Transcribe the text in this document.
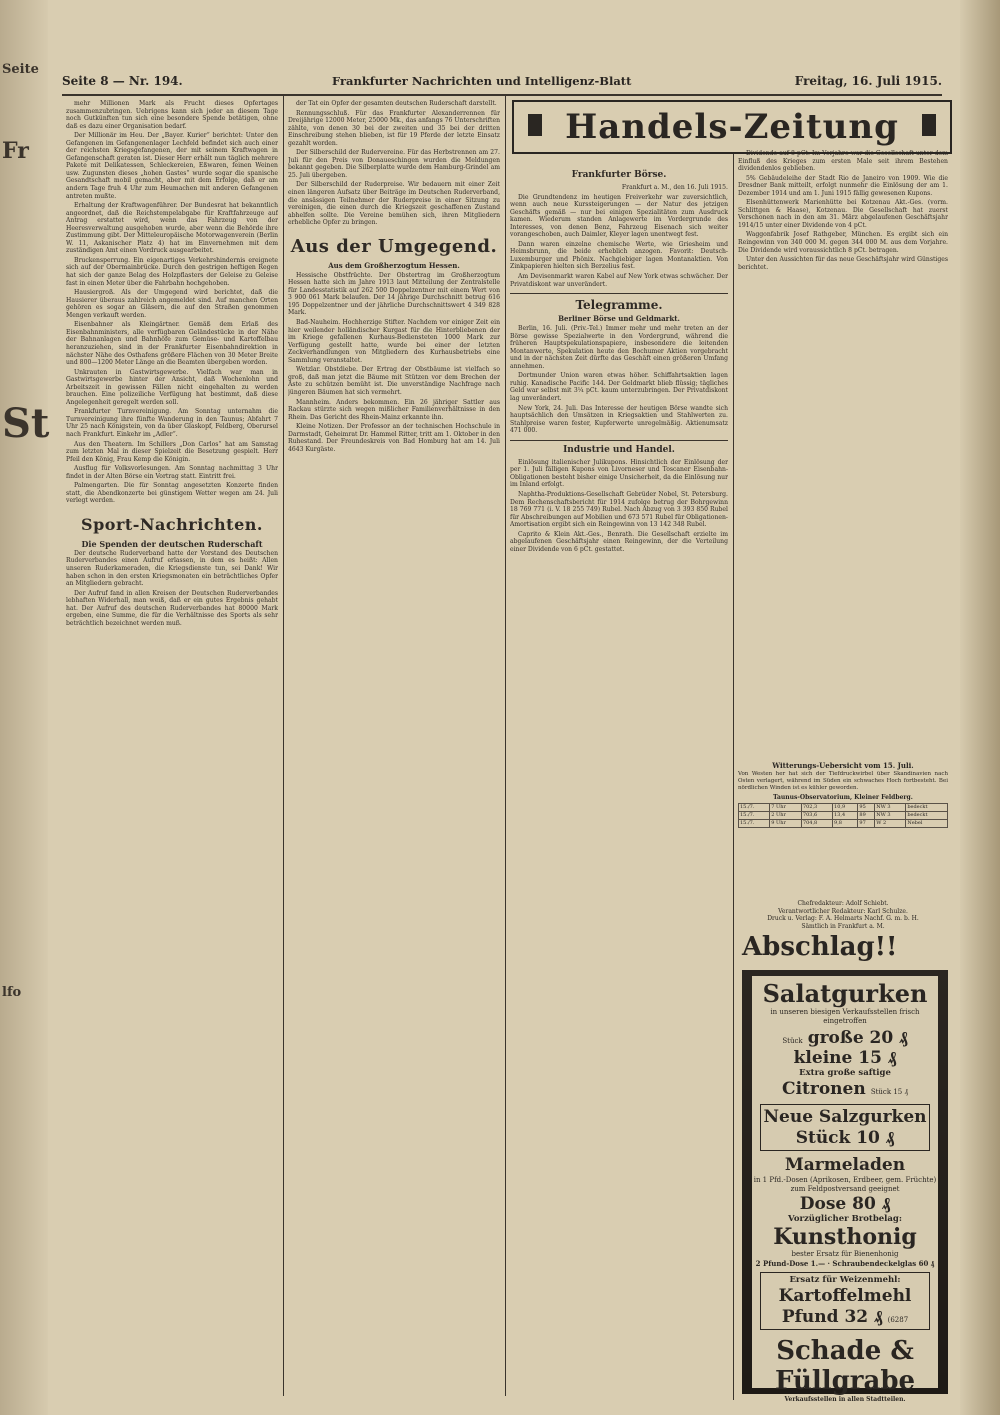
Seite
Fr
St
lfo
Seite 8 — Nr. 194.	Frankfurter Nachrichten und Intelligenz-Blatt	Freitag, 16. Juli 1915.

mehr Millionen Mark als Frucht dieses Opfertages zusammenzubringen. Uebrigens kann sich jeder an diesem Tage noch Gutkünften tun sich eine besondere Spende betätigen, ohne daß es dazu einer Organisation bedarf.

Der Millionär im Heu. Der „Bayer. Kurier“ berichtet: Unter den Gefangenen im Gefangenenlager Lechfeld befindet sich auch einer der reichsten Kriegsgefangenen, der mit seinem Kraftwagen in Gefangenschaft geraten ist. Dieser Herr erhält nun täglich mehrere Pakete mit Delikatessen, Schleckereien, Eßwaren, feinen Weinen usw. Zugunsten dieses „hohen Gastes“ wurde sogar die spanische Gesandtschaft mobil gemacht, aber mit dem Erfolge, daß er am andern Tage fruh 4 Uhr zum Heumachen mit anderen Gefangenen antreten mußte.

Erhaltung der Kraftwagenführer. Der Bundesrat hat bekanntlich angeordnet, daß die Reichstempelabgabe für Kraftfahrzeuge auf Antrag erstattet wird, wenn das Fahrzeug von der Heeresverwaltung ausgehoben wurde, aber wenn die Behörde ihre Zustimmung gibt. Der Mitteleuropäische Motorwagenverein (Berlin W. 11, Askanischer Platz 4) hat im Einvernehmen mit dem zuständigen Amt einen Vordruck ausgearbeitet.

Bruckensperrung. Ein eigenartiges Verkehrshindernis ereignete sich auf der Obermainbrücke. Durch den gestrigen heftigen Regen hat sich der ganze Belag des Holzpflasters der Geleise zu Geleise fast in einen Meter über die Fahrbahn hochgehoben.

Hausiergroß. Als der Umgegend wird berichtet, daß die Hausierer überaus zahlreich angemeldet sind. Auf manchen Orten gehören es sogar an Gläsern, die auf den Straßen genommen Mengen verkauft werden.

Eisenbahner als Kleingärtner. Gemäß dem Erlaß des Eisenbahnministers, alle verfügbaren Geländestücke in der Nähe der Bahnanlagen und Bahnhöfe zum Gemüse- und Kartoffelbau heranzuziehen, sind in der Frankfurter Eisenbahndirektion in nächster Nähe des Osthafens größere Flächen von 30 Meter Breite und 800—1200 Meter Länge an die Beamten übergeben worden.

Unkrauten in Gastwirtsgewerbe. Vielfach war man in Gastwirtsgewerbe hinter der Ansicht, daß Wochenlohn und Arbeitszeit in gewissen Fällen nicht eingehalten zu werden brauchen. Eine polizeiliche Verfügung hat bestimmt, daß diese Angelegenheit geregelt werden soll.

Frankfurter Turnvereinigung. Am Sonntag unternahm die Turnvereinigung ihre fünfte Wanderung in den Taunus; Abfahrt 7 Uhr 25 nach Königstein, von da über Glaskopf, Feldberg, Oberursel nach Frankfurt. Einkehr im „Adler“.

Aus den Theatern. Im Schillers „Don Carlos“ hat am Samstag zum letzten Mal in dieser Spielzeit die Besetzung gespielt. Herr Pfeil den König, Frau Kemp die Königin.

Ausflug für Volksvorlesungen. Am Sonntag nachmittag 3 Uhr findet in der Alten Börse ein Vortrag statt. Eintritt frei.

Palmengarten. Die für Sonntag angesetzten Konzerte finden statt, die Abendkonzerte bei günstigem Wetter wegen am 24. Juli verlegt werden.

Sport-Nachrichten.
Die Spenden der deutschen Ruderschaft

Der deutsche Ruderverband hatte der Vorstand des Deutschen Ruderverbandes einen Aufruf erlassen, in dem es heißt: Allen unseren Ruderkameraden, die Kriegsdienste tun, sei Dank! Wir haben schon in den ersten Kriegsmonaten ein beträchtliches Opfer an Mitgliedern gebracht.

Der Aufruf fand in allen Kreisen der Deutschen Ruderverbandes lebhaften Widerhall, man weiß, daß er ein gutes Ergebnis gehabt hat. Der Aufruf des deutschen Ruderverbandes hat 80000 Mark ergeben, eine Summe, die für die Verhältnisse des Sports als sehr beträchtlich bezeichnet werden muß.

der Tat ein Opfer der gesamten deutschen Ruderschaft darstellt.

Rennungsschluß. Für das Frankfurter Alexanderrennen für Dreijährige 12000 Meter, 25000 Mk., das anfangs 76 Unterschriften zählte, von denen 30 bei der zweiten und 35 bei der dritten Einschreibung stehen blieben, ist für 19 Pferde der letzte Einsatz gezahlt worden.

Der Silberschild der Rudervereine. Für das Herbstrennen am 27. Juli für den Preis von Donaueschingen wurden die Meldungen bekannt gegeben. Die Silberplatte wurde dem Hamburg-Grindel am 25. Juli übergeben.

Der Silberschild der Ruderpreise. Wir bedauern mit einer Zeit einen längeren Aufsatz über Beiträge im Deutschen Ruderverband, die ansässigen Teilnehmer der Ruderpreise in einer Sitzung zu vereinigen, die einen durch die Kriegszeit geschaffenen Zustand abhelfen sollte. Die Vereine bemühen sich, ihren Mitgliedern erhebliche Opfer zu bringen.

Aus der Umgegend.
Aus dem Großherzogtum Hessen.

Hessische Obstfrüchte. Der Obstertrag im Großherzogtum Hessen hatte sich im Jahre 1913 laut Mitteilung der Zentralstelle für Landesstatistik auf 262 500 Doppelzentner mit einem Wert von 3 900 061 Mark belaufen. Der 14 jährige Durchschnitt betrug 616 195 Doppelzentner und der jährliche Durchschnittswert 4 349 828 Mark.

Bad-Nauheim. Hochherzige Stifter. Nachdem vor einiger Zeit ein hier weilender holländischer Kurgast für die Hinterbliebenen der im Kriege gefallenen Kurhaus-Bediensteten 1000 Mark zur Verfügung gestellt hatte, wurde bei einer der letzten Zeckverhandlungen von Mitgliedern des Kurhausbetriebs eine Sammlung veranstaltet.

Wetzlar. Obstdiebe. Der Ertrag der Obstbäume ist vielfach so groß, daß man jetzt die Bäume mit Stützen vor dem Brechen der Äste zu schützen bemüht ist. Die unverständige Nachfrage nach jüngeren Bäumen hat sich vermehrt.

Mannheim. Anders bekommen. Ein 26 jähriger Sattler aus Rackau stürzte sich wegen mißlicher Familienverhältnisse in den Rhein. Das Gericht des Rhein-Mainz erkannte ihn.

Kleine Notizen. Der Professor an der technischen Hochschule in Darmstadt, Geheimrat Dr. Hammel Ritter, tritt am 1. Oktober in den Ruhestand. Der Freundeskreis von Bad Homburg hat am 14. Juli 4643 Kurgäste.

Handels-Zeitung
Frankfurter Börse.

Frankfurt a. M., den 16. Juli 1915.

Die Grundtendenz im heutigen Freiverkehr war zuversichtlich, wenn auch neue Kurssteigerungen — der Natur des jetzigen Geschäfts gemäß — nur bei einigen Spezialitäten zum Ausdruck kamen. Wiederum standen Anlagewerte im Vordergrunde des Interesses, von denen Benz, Fahrzeug Eisenach sich weiter vorangeschoben, auch Daimler, Kleyer lagen unentwegt fest.

Dann waren einzelne chemische Werte, wie Griesheim und Heimsbrunn, die beide erheblich anzogen. Favorit: Deutsch-Luxemburger und Phönix. Nachgiebiger lagen Montanaktien. Von Zinkpapieren hielten sich Berzelius fest.

Am Devisenmarkt waren Kabel auf New York etwas schwächer. Der Privatdiskont war unverändert.

Telegramme.
Berliner Börse und Geldmarkt.

Berlin, 16. Juli. (Priv.-Tel.) Immer mehr und mehr treten an der Börse gewisse Spezialwerte in den Vordergrund, während die früheren Hauptspekulationspapiere, insbesondere die leitenden Montanwerte, Spekulation heute den Bochumer Aktien vorgebracht und in der nächsten Zeit dürfte das Geschäft einen größeren Umfang annehmen.

Dortmunder Union waren etwas höher. Schiffahrtsaktien lagen ruhig. Kanadische Pacific 144. Der Geldmarkt blieb flüssig; tägliches Geld war selbst mit 3¼ pCt. kaum unterzubringen. Der Privatdiskont lag unverändert.

New York, 24. Juli. Das Interesse der heutigen Börse wandte sich hauptsächlich den Umsätzen in Kriegsaktien und Stahlwerten zu. Stahlpreise waren fester, Kupferwerte unregelmäßig. Aktienumsatz 471 000.

Industrie und Handel.

Einlösung italienischer Julikupons. Hinsichtlich der Einlösung der per 1. Juli fälligen Kupons von Livorneser und Toscaner Eisenbahn-Obligationen besteht bisher einige Unsicherheit, da die Einlösung nur im Inland erfolgt.

Naphtha-Produktions-Gesellschaft Gebrüder Nobel, St. Petersburg. Dem Rechenschaftsbericht für 1914 zufolge betrug der Bohrgewinn 18 769 771 (i. V. 18 255 749) Rubel. Nach Abzug von 3 393 850 Rubel für Abschreibungen auf Mobilien und 673 571 Rubel für Obligationen-Amortisation ergibt sich ein Reingewinn von 13 142 348 Rubel.

Caprito & Klein Akt.-Ges., Benrath. Die Gesellschaft erzielte im abgelaufenen Geschäftsjahr einen Reingewinn, der die Verteilung einer Dividende von 6 pCt. gestattet.

Dividende auf 8 pCt. Im Vorjahre war die Gesellschaft unter dem Einfluß des Krieges zum ersten Male seit ihrem Bestehen dividendenlos geblieben.

5% Gebäudeleihe der Stadt Rio de Janeiro von 1909. Wie die Dresdner Bank mitteilt, erfolgt nunmehr die Einlösung der am 1. Dezember 1914 und am 1. Juni 1915 fällig gewesenen Kupons.

Elsenhüttenwerk Marienhütte bei Kotzenau Akt.-Ges. (vorm. Schlittgen & Haase), Kotzenau. Die Gesellschaft hat zuerst Verschonen nach in den am 31. März abgelaufenen Geschäftsjahr 1914/15 unter einer Dividende von 4 pCt.

Waggonfabrik Josef Rathgeber, München. Es ergibt sich ein Reingewinn von 340 000 M. gegen 344 000 M. aus dem Vorjahre. Die Dividende wird voraussichtlich 8 pCt. betragen.

Unter den Aussichten für das neue Geschäftsjahr wird Günstiges berichtet.

Witterungs-Uebersicht vom 15. Juli.
Von Westen her hat sich der Tiefdruckwirbel über Skandinavien nach Osten verlagert, während im Süden ein schwaches Hoch fortbesteht. Bei nördlichen Winden ist es kühler geworden.
Taunus-Observatorium, Kleiner Feldberg.
15./7.	7 Uhr	702,3	10,9	95	NW 3	bedeckt
15./7.	2 Uhr	703,6	13,4	89	NW 3	bedeckt
15./7.	9 Uhr	704,8	9,8	97	W 2	Nebel
Chefredakteur: Adolf Schiebt.
Verantwortlicher Redakteur: Karl Schulze.
Druck u. Verlag: F. A. Helmarts Nachf. G. m. b. H.
Sämtlich in Frankfurt a. M.
Abschlag!!
Salatgurken
in unseren biesigen Verkaufsstellen frisch eingetroffen
Stück große 20 ₰ kleine 15 ₰
Extra große saftige
Citronen Stück 15 ₰
Neue Salzgurken
Stück 10 ₰
Marmeladen
in 1 Pfd.-Dosen (Aprikosen, Erdbeer, gem. Früchte) zum Feldpostversand geeignet
Dose 80 ₰
Vorzüglicher Brotbelag:
Kunsthonig
bester Ersatz für Bienenhonig
2 Pfund-Dose 1.— · Schraubendeckelglas 60 ₰
Ersatz für Weizenmehl:
Kartoffelmehl
Pfund 32 ₰ (6287
Schade &
Füllgrabe
Verkaufsstellen in allen Stadtteilen.
